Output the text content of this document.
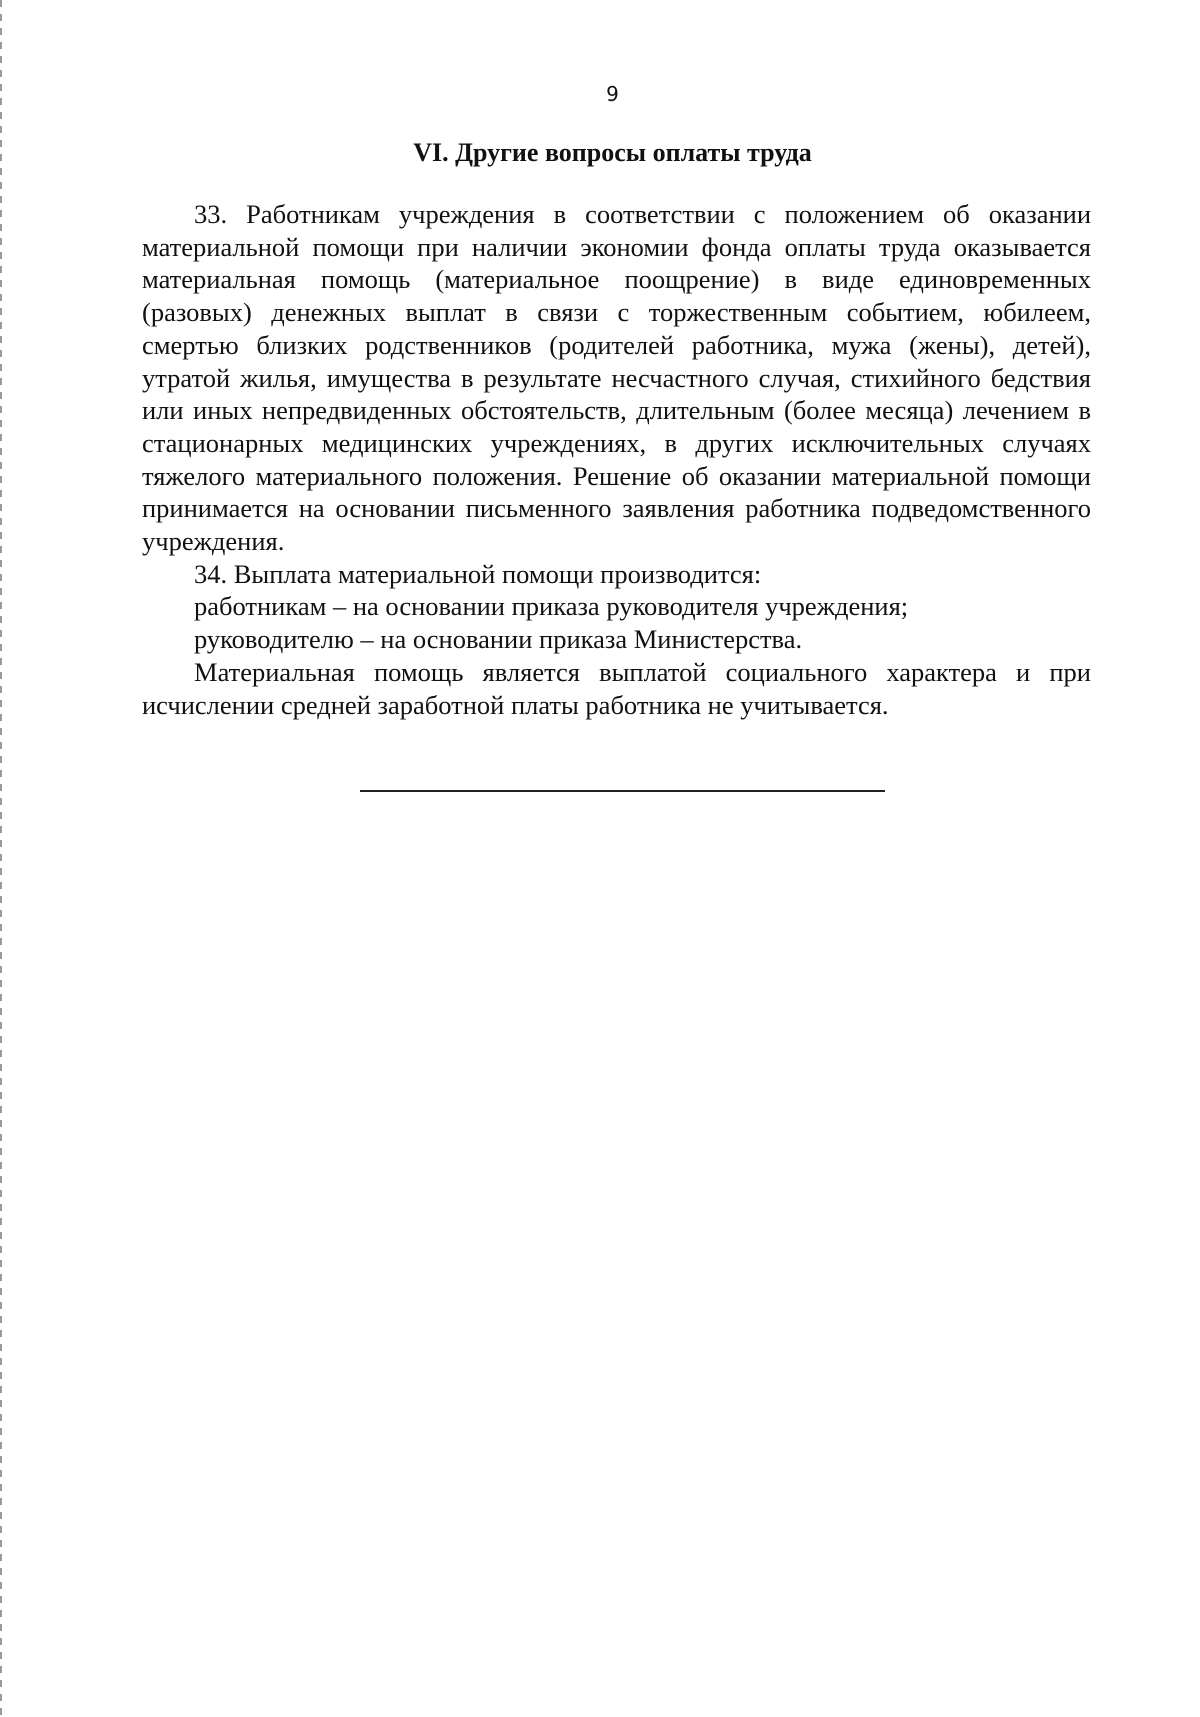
9
VI. Другие вопросы оплаты труда

33. Работникам учреждения в соответствии с положением об оказании материальной помощи при наличии экономии фонда оплаты труда оказывается материальная помощь (материальное поощрение) в виде единовременных (разовых) денежных выплат в связи с торжественным событием, юбилеем, смертью близких родственников (родителей работника, мужа (жены), детей), утратой жилья, имущества в результате несчастного случая, стихийного бедствия или иных непредвиденных обстоятельств, длительным (более месяца) лечением в стационарных медицинских учреждениях, в других исключительных случаях тяжелого материального положения. Решение об оказании материальной помощи принимается на основании письменного заявления работника подведомственного учреждения.

34. Выплата материальной помощи производится:

работникам – на основании приказа руководителя учреждения;

руководителю – на основании приказа Министерства.

Материальная помощь является выплатой социального характера и при исчислении средней заработной платы работника не учитывается.
